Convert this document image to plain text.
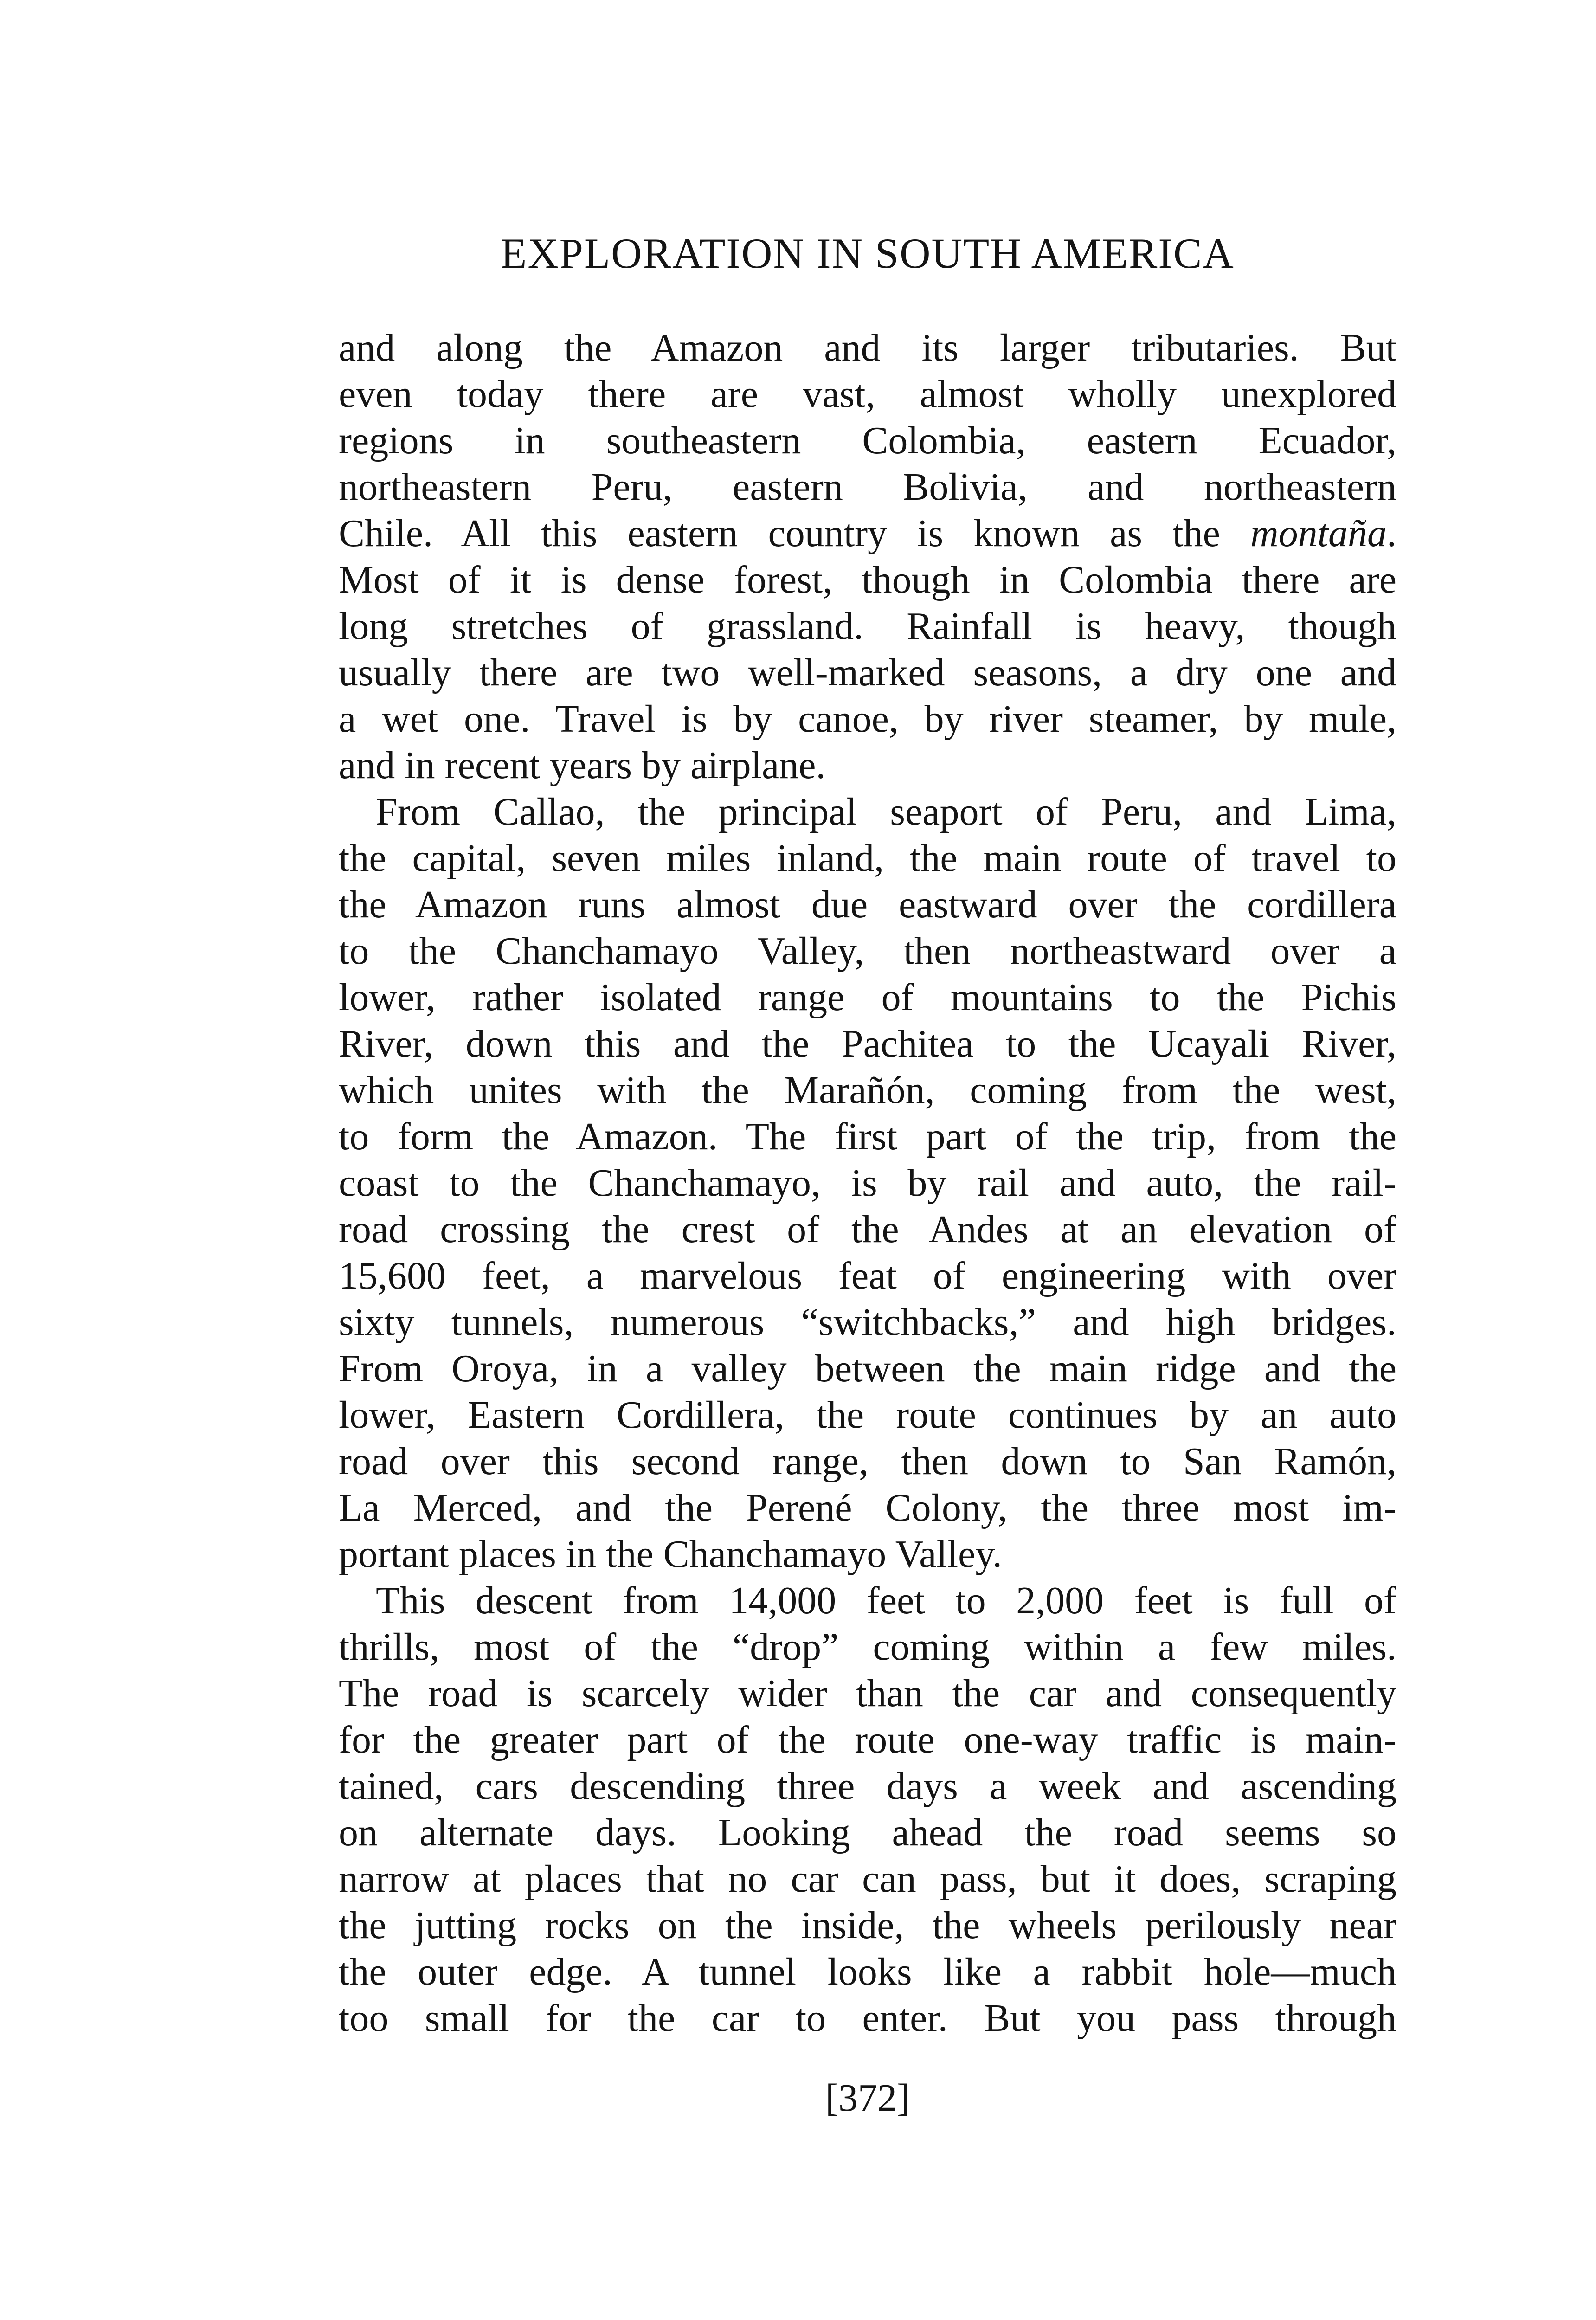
EXPLORATION IN SOUTH AMERICA

and along the Amazon and its larger tributaries. But
even today there are vast, almost wholly unexplored
regions in southeastern Colombia, eastern Ecuador,
northeastern Peru, eastern Bolivia, and northeastern
Chile. All this eastern country is known as the montaña.
Most of it is dense forest, though in Colombia there are
long stretches of grassland. Rainfall is heavy, though
usually there are two well-marked seasons, a dry one and
a wet one. Travel is by canoe, by river steamer, by mule,
and in recent years by airplane.

From Callao, the principal seaport of Peru, and Lima,
the capital, seven miles inland, the main route of travel to
the Amazon runs almost due eastward over the cordillera
to the Chanchamayo Valley, then northeastward over a
lower, rather isolated range of mountains to the Pichis
River, down this and the Pachitea to the Ucayali River,
which unites with the Marañón, coming from the west,
to form the Amazon. The first part of the trip, from the
coast to the Chanchamayo, is by rail and auto, the rail-
road crossing the crest of the Andes at an elevation of
15,600 feet, a marvelous feat of engineering with over
sixty tunnels, numerous “switchbacks,” and high bridges.
From Oroya, in a valley between the main ridge and the
lower, Eastern Cordillera, the route continues by an auto
road over this second range, then down to San Ramón,
La Merced, and the Perené Colony, the three most im-
portant places in the Chanchamayo Valley.

This descent from 14,000 feet to 2,000 feet is full of
thrills, most of the “drop” coming within a few miles.
The road is scarcely wider than the car and consequently
for the greater part of the route one-way traffic is main-
tained, cars descending three days a week and ascending
on alternate days. Looking ahead the road seems so
narrow at places that no car can pass, but it does, scraping
the jutting rocks on the inside, the wheels perilously near
the outer edge. A tunnel looks like a rabbit hole—much
too small for the car to enter. But you pass through

[372]
